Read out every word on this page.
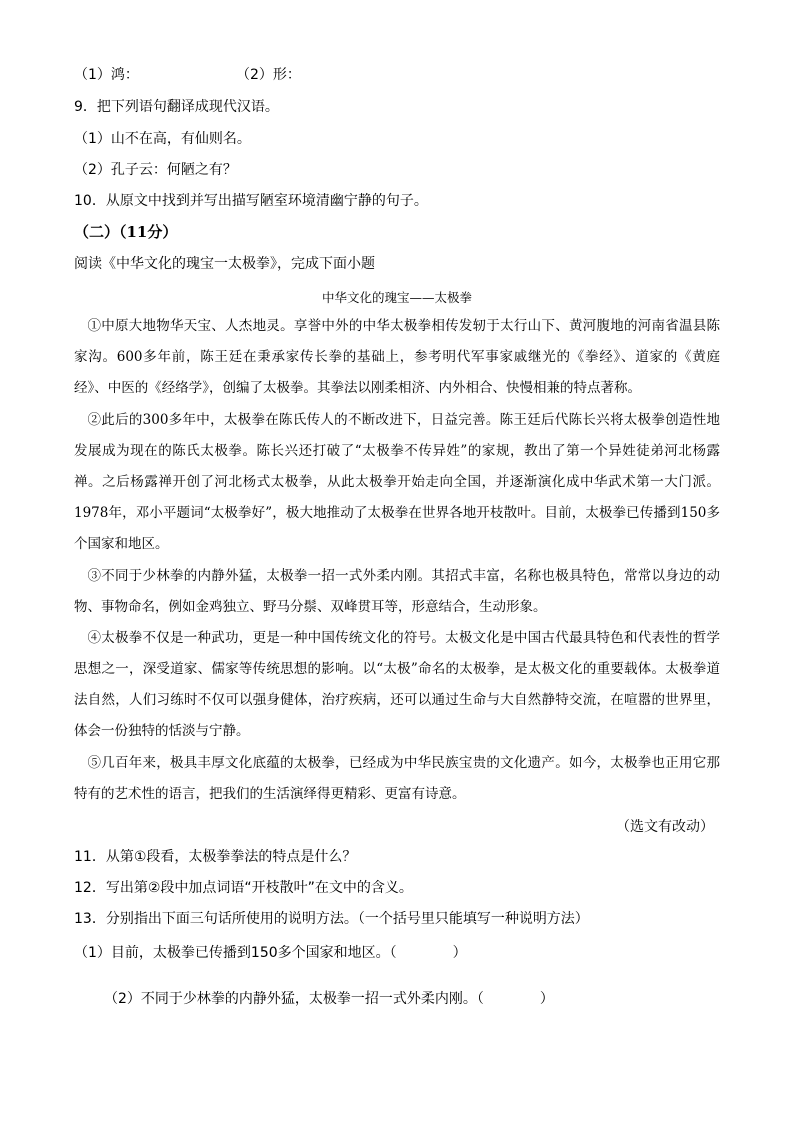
（1）鸿：	（2）形：
9．把下列语句翻译成现代汉语。
（1）山不在高，有仙则名。
（2）孔子云：何陋之有？
10．从原文中找到并写出描写陋室环境清幽宁静的句子。
（二）（11分）
阅读《中华文化的瑰宝一太极拳》，完成下面小题
中华文化的瑰宝——太极拳
①中原大地物华天宝、人杰地灵。享誉中外的中华太极拳相传发轫于太行山下、黄河腹地的河南省温县陈家沟。600多年前，陈王廷在秉承家传长拳的基础上，参考明代军事家戚继光的《拳经》、道家的《黄庭经》、中医的《经络学》，创编了太极拳。其拳法以刚柔相济、内外相合、快慢相兼的特点著称。
②此后的300多年中，太极拳在陈氏传人的不断改进下，日益完善。陈王廷后代陈长兴将太极拳创造性地发展成为现在的陈氏太极拳。陈长兴还打破了“太极拳不传异姓”的家规，教出了第一个异姓徒弟河北杨露禅。之后杨露禅开创了河北杨式太极拳，从此太极拳开始走向全国，并逐渐演化成中华武术第一大门派。1978年，邓小平题词“太极拳好”，极大地推动了太极拳在世界各地开枝散叶。目前，太极拳已传播到150多个国家和地区。
③不同于少林拳的内静外猛，太极拳一招一式外柔内刚。其招式丰富，名称也极具特色，常常以身边的动物、事物命名，例如金鸡独立、野马分鬃、双峰贯耳等，形意结合，生动形象。
④太极拳不仅是一种武功，更是一种中国传统文化的符号。太极文化是中国古代最具特色和代表性的哲学思想之一，深受道家、儒家等传统思想的影响。以“太极”命名的太极拳，是太极文化的重要载体。太极拳道法自然，人们习练时不仅可以强身健体，治疗疾病，还可以通过生命与大自然静特交流，在喧嚣的世界里，体会一份独特的恬淡与宁静。
⑤几百年来，极具丰厚文化底蕴的太极拳，已经成为中华民族宝贵的文化遗产。如今，太极拳也正用它那特有的艺术性的语言，把我们的生活演绎得更精彩、更富有诗意。
（选文有改动）
11．从第①段看，太极拳拳法的特点是什么？
12．写出第②段中加点词语“开枝散叶”在文中的含义。
13．分别指出下面三句话所使用的说明方法。（一个括号里只能填写一种说明方法）
（1）目前，太极拳已传播到150多个国家和地区。（　　　　）
（2）不同于少林拳的内静外猛，太极拳一招一式外柔内刚。（　　　　）
